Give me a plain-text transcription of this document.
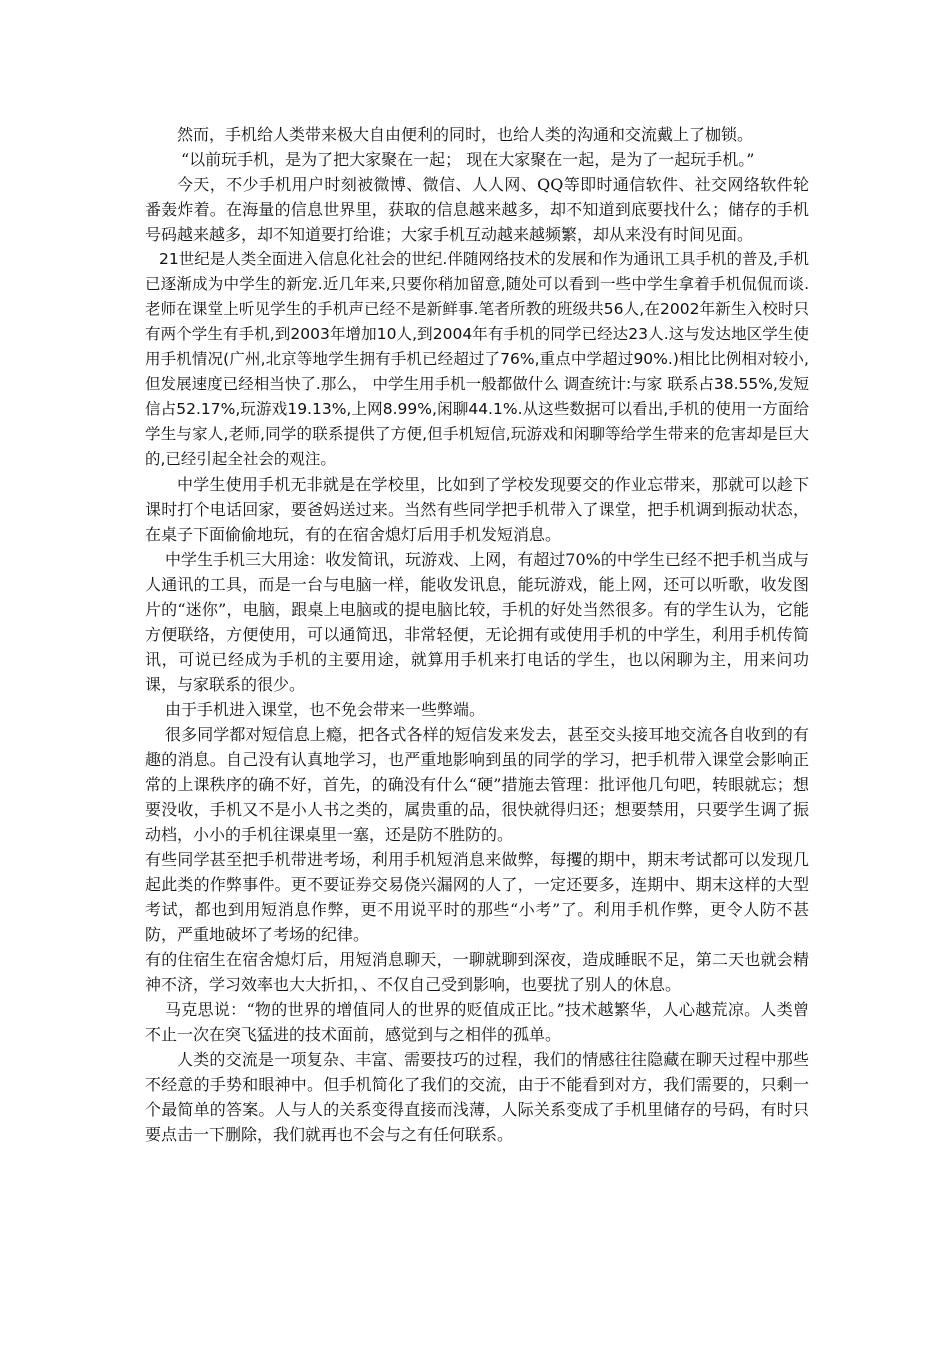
然而，手机给人类带来极大自由便利的同时，也给人类的沟通和交流戴上了枷锁。

“以前玩手机，是为了把大家聚在一起； 现在大家聚在一起，是为了一起玩手机。”

今天，不少手机用户时刻被微博、微信、人人网、QQ等即时通信软件、社交网络软件轮番轰炸着。在海量的信息世界里，获取的信息越来越多，却不知道到底要找什么；储存的手机号码越来越多，却不知道要打给谁；大家手机互动越来越频繁，却从来没有时间见面。

21世纪是人类全面进入信息化社会的世纪.伴随网络技术的发展和作为通讯工具手机的普及,手机已逐渐成为中学生的新宠.近几年来,只要你稍加留意,随处可以看到一些中学生拿着手机侃侃而谈.老师在课堂上听见学生的手机声已经不是新鲜事.笔者所教的班级共56人,在2002年新生入校时只有两个学生有手机,到2003年增加10人,到2004年有手机的同学已经达23人.这与发达地区学生使用手机情况(广州,北京等地学生拥有手机已经超过了76%,重点中学超过90%.)相比比例相对较小,但发展速度已经相当快了.那么， 中学生用手机一般都做什么 调查统计:与家 联系占38.55%,发短信占52.17%,玩游戏19.13%,上网8.99%,闲聊44.1%.从这些数据可以看出,手机的使用一方面给学生与家人,老师,同学的联系提供了方便,但手机短信,玩游戏和闲聊等给学生带来的危害却是巨大的,已经引起全社会的观注。

中学生使用手机无非就是在学校里，比如到了学校发现要交的作业忘带来，那就可以趁下课时打个电话回家，要爸妈送过来。当然有些同学把手机带入了课堂，把手机调到振动状态，在桌子下面偷偷地玩，有的在宿舍熄灯后用手机发短消息。

中学生手机三大用途：收发简讯，玩游戏、上网，有超过70%的中学生已经不把手机当成与人通讯的工具，而是一台与电脑一样，能收发讯息，能玩游戏，能上网，还可以听歌，收发图片的“迷你”，电脑，跟桌上电脑或的提电脑比较，手机的好处当然很多。有的学生认为，它能方便联络，方便使用，可以通简迅，非常轻便，无论拥有或使用手机的中学生，利用手机传简讯，可说已经成为手机的主要用途，就算用手机来打电话的学生，也以闲聊为主，用来问功课，与家联系的很少。

由于手机进入课堂，也不免会带来一些弊端。

很多同学都对短信息上瘾，把各式各样的短信发来发去，甚至交头接耳地交流各自收到的有趣的消息。自己没有认真地学习，也严重地影响到虽的同学的学习，把手机带入课堂会影响正常的上课秩序的确不好，首先，的确没有什么“硬”措施去管理：批评他几句吧，转眼就忘；想要没收，手机又不是小人书之类的，属贵重的品，很快就得归还；想要禁用，只要学生调了振动档，小小的手机往课桌里一塞，还是防不胜防的。

有些同学甚至把手机带进考场，利用手机短消息来做弊，每攫的期中，期末考试都可以发现几起此类的作弊事件。更不要证券交易侥兴漏网的人了，一定还要多，连期中、期末这样的大型考试，都也到用短消息作弊，更不用说平时的那些“小考”了。利用手机作弊，更令人防不甚防，严重地破坏了考场的纪律。

有的住宿生在宿舍熄灯后，用短消息聊天，一聊就聊到深夜，造成睡眠不足，第二天也就会精神不济，学习效率也大大折扣，、不仅自己受到影响，也要扰了别人的休息。

马克思说：“物的世界的增值同人的世界的贬值成正比。”技术越繁华，人心越荒凉。人类曾不止一次在突飞猛进的技术面前，感觉到与之相伴的孤单。

人类的交流是一项复杂、丰富、需要技巧的过程，我们的情感往往隐藏在聊天过程中那些不经意的手势和眼神中。但手机简化了我们的交流，由于不能看到对方，我们需要的，只剩一个最简单的答案。人与人的关系变得直接而浅薄，人际关系变成了手机里储存的号码，有时只要点击一下删除，我们就再也不会与之有任何联系。
